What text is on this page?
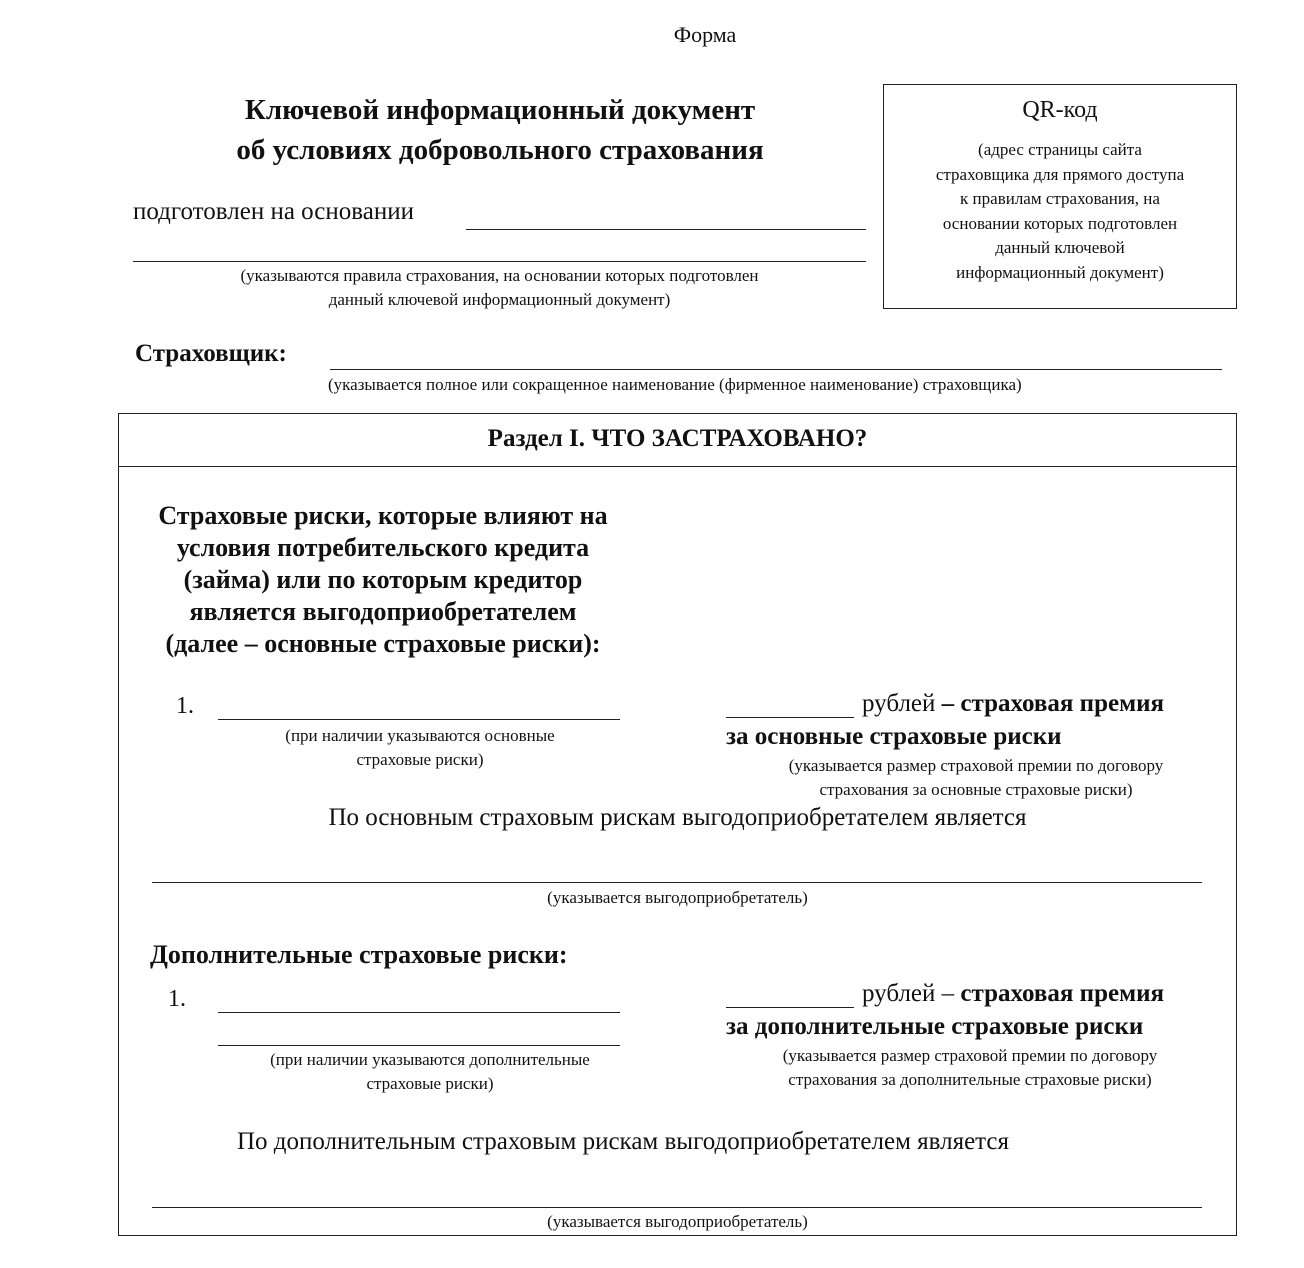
Форма
Ключевой информационный документ
об условиях добровольного страхования
подготовлен на основании
(указываются правила страхования, на основании которых подготовлен
данный ключевой информационный документ)
QR-код
(адрес страницы сайта
страховщика для прямого доступа
к правилам страхования, на
основании которых подготовлен
данный ключевой
информационный документ)
Страховщик:
(указывается полное или сокращенное наименование (фирменное наименование) страховщика)
Раздел I. ЧТО ЗАСТРАХОВАНО?
Страховые риски, которые влияют на
условия потребительского кредита
(займа) или по которым кредитор
является выгодоприобретателем
(далее – основные страховые риски):
1.
(при наличии указываются основные
страховые риски)
рублей – страховая премия
за основные страховые риски
(указывается размер страховой премии по договору
страхования за основные страховые риски)
По основным страховым рискам выгодоприобретателем является
(указывается выгодоприобретатель)
Дополнительные страховые риски:
1.
(при наличии указываются дополнительные
страховые риски)
рублей – страховая премия
за дополнительные страховые риски
(указывается размер страховой премии по договору
страхования за дополнительные страховые риски)
По дополнительным страховым рискам выгодоприобретателем является
(указывается выгодоприобретатель)
